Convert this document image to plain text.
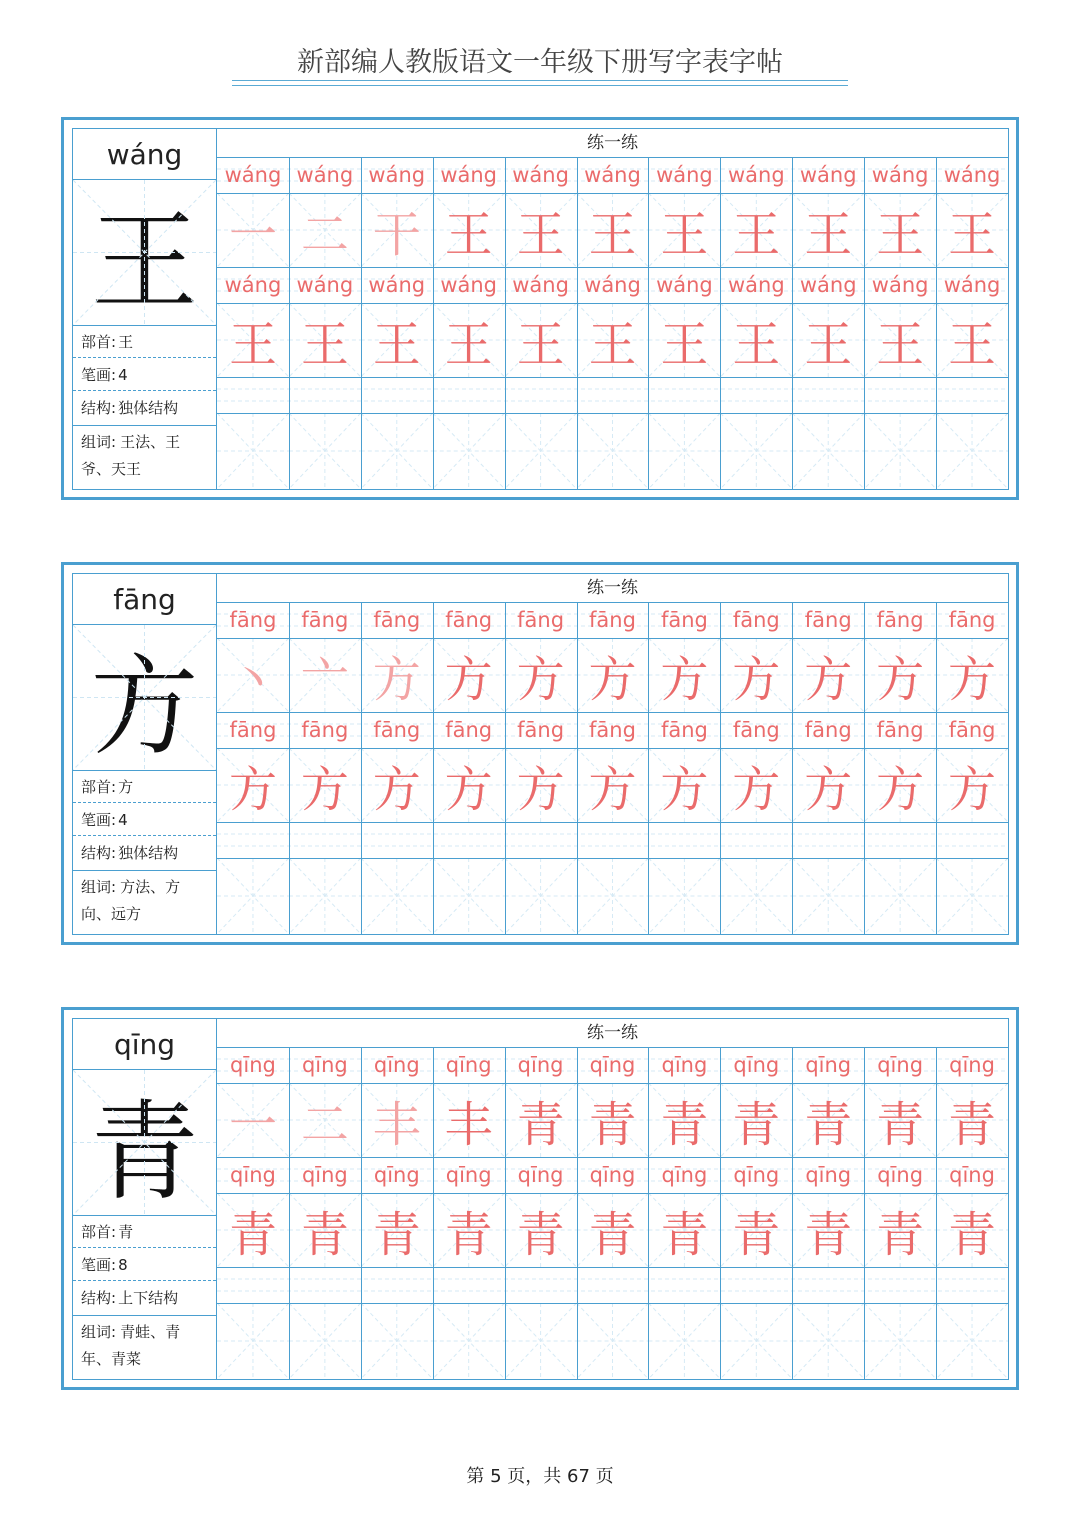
新部编人教版语文一年级下册写字表字帖
wáng
王
部首: 王
笔画: 4
结构: 独体结构
组词: 王法、王
爷、天王
练一练
wáng wáng wáng wáng wáng wáng wáng wáng wáng wáng wáng
一 二 干 王 王 王 王 王 王 王 王
wáng wáng wáng wáng wáng wáng wáng wáng wáng wáng wáng
王 王 王 王 王 王 王 王 王 王 王
fāng
方
部首: 方
笔画: 4
结构: 独体结构
组词: 方法、方
向、远方
练一练
fāng	fāng	fāng	fāng	fāng	fāng	fāng	fāng	fāng	fāng	fāng
丶 亠 方 方 方 方 方 方 方 方 方
fāng	fāng	fāng	fāng	fāng	fāng	fāng	fāng	fāng	fāng	fāng
方 方 方 方 方 方 方 方 方 方 方
qīng
青
部首: 青
笔画: 8
结构: 上下结构
组词: 青蛙、青
年、青菜
练一练
qīng	qīng	qīng	qīng	qīng	qīng	qīng	qīng	qīng	qīng	qīng
一 二 丰 丰 青 青 青 青 青 青 青
qīng	qīng	qīng	qīng	qīng	qīng	qīng	qīng	qīng	qīng	qīng
青 青 青 青 青 青 青 青 青 青 青
第 5 页，共 67 页
